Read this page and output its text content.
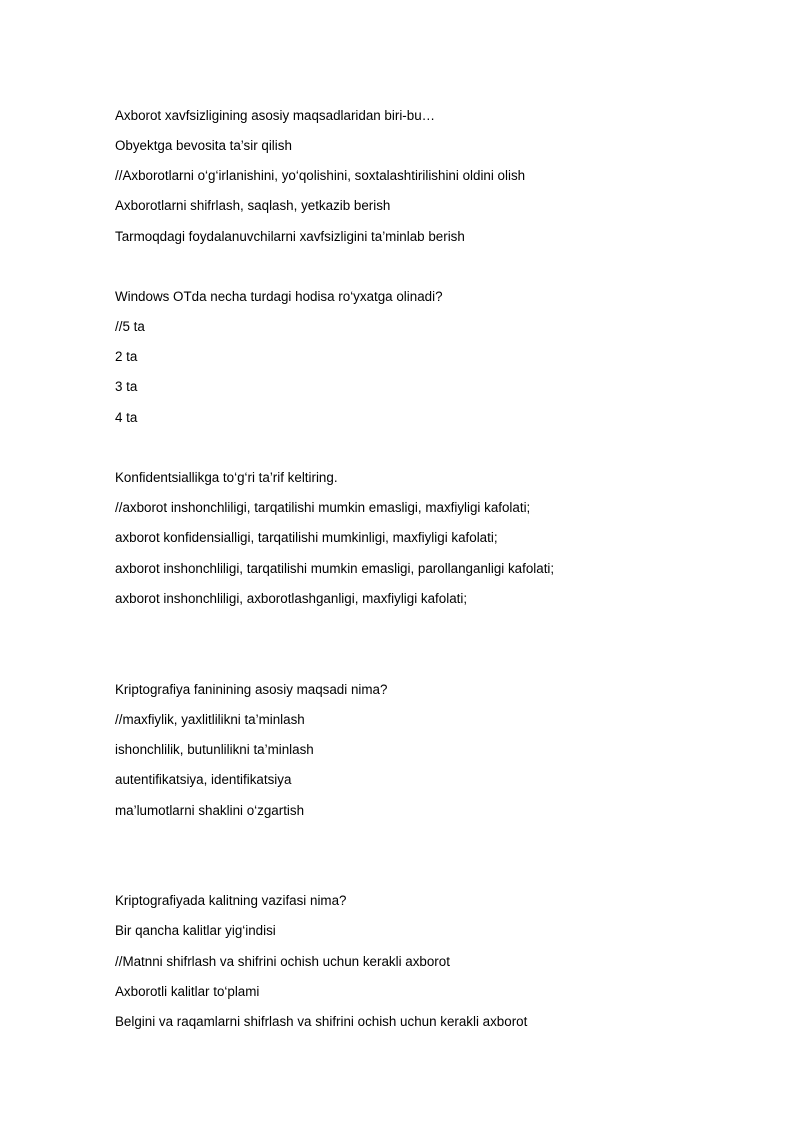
Axborot xavfsizligining asosiy maqsadlaridan biri-bu…
Obyektga bevosita ta’sir qilish
//Axborotlarni o‘g‘irlanishini, yo‘qolishini, soxtalashtirilishini oldini olish
Axborotlarni shifrlash, saqlash, yetkazib berish
Tarmoqdagi foydalanuvchilarni xavfsizligini ta’minlab berish
Windows OTda necha turdagi hodisa ro‘yxatga olinadi?
//5 ta
2 ta
3 ta
4 ta
Konfidentsiallikga to‘g‘ri ta’rif keltiring.
//axborot inshonchliligi, tarqatilishi mumkin emasligi, maxfiyligi kafolati;
axborot konfidensialligi, tarqatilishi mumkinligi, maxfiyligi kafolati;
axborot inshonchliligi, tarqatilishi mumkin emasligi, parollanganligi kafolati;
axborot inshonchliligi, axborotlashganligi, maxfiyligi kafolati;
Kriptografiya faninining asosiy maqsadi nima?
//maxfiylik, yaxlitlilikni ta’minlash
ishonchlilik, butunlilikni ta’minlash
autentifikatsiya, identifikatsiya
ma’lumotlarni shaklini o‘zgartish
Kriptografiyada kalitning vazifasi nima?
Bir qancha kalitlar yig‘indisi
//Matnni shifrlash va shifrini ochish uchun kerakli axborot
Axborotli kalitlar to‘plami
Belgini va raqamlarni shifrlash va shifrini ochish uchun kerakli axborot
